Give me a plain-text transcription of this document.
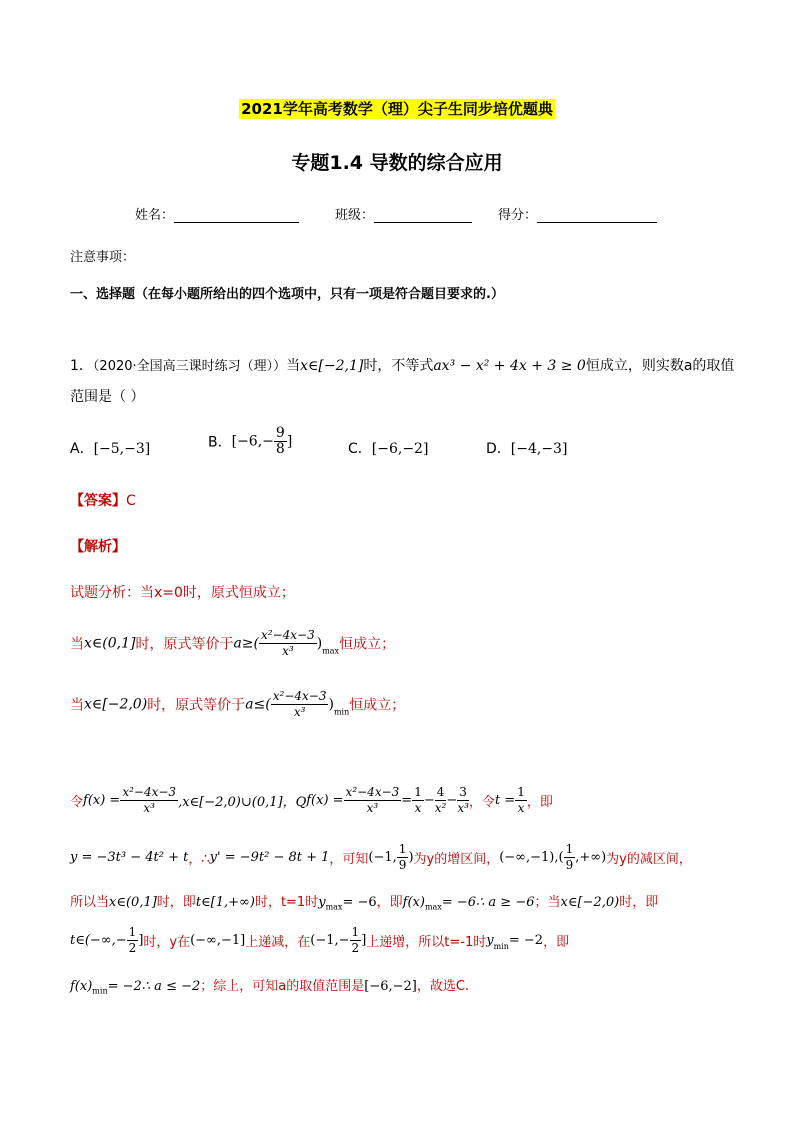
2021学年高考数学（理）尖子生同步培优题典
专题1.4 导数的综合应用
姓名：	班级：	得分：
注意事项：
一、选择题（在每小题所给出的四个选项中，只有一项是符合题目要求的.）
1．（2020·全国高三课时练习（理））当x∈[−2,1]时，不等式ax³ − x² + 4x + 3 ≥ 0恒成立，则实数a的取值
范围是（ ）
A．[−5,−3]	B．[$-6,- \frac{9}{8}$ ]	C．[−6,−2]	D．[−4,−3]
【答案】C
【解析】
试题分析：当x=0时，原式恒成立；
当x∈(0,1]时，原式等价于$a\ge( \frac{\text{x²−4x−3}}{\text{x³}} )_{max}$恒成立；
当x∈[−2,0)时，原式等价于$a\le( \frac{\text{x²−4x−3}}{\text{x³}} )_{min}$恒成立；
令$f(x) = \frac{\text{x²−4x−3}}{\text{x³}}$ ,x∈[−2,0)∪(0,1]，$Qf(x) = \frac{\text{x²−4x−3}}{\text{x³}} = \frac{1}{x} - \frac{4}{\text{x²}} - \frac{3}{\text{x³}}$ ，令$t = \frac{1}{x}$ ，即
y = −3t³ − 4t² + t，∴y' = −9t² − 8t + 1，可知(−1, $\frac{1}{9}$ )为y的增区间，$(-\infty,-1),( \frac{1}{9}$ ,+∞)为y的减区间，
所以当x∈(0,1]时，即t∈[1,+∞)时，t=1时$y_{max}= -6$，即$f(x)_{max}=$ −6∴ a ≥ −6；当x∈[−2,0)时，即
t∈(−∞,− $\frac{1}{2}$ ]时，y在(−∞,−1]上递减，在($-1,- \frac{1}{2}$ ]上递增，所以t=-1时$y_{min}= -2$，即
$f(x)_{min}=$ −2∴ a ≤ −2；综上，可知a的取值范围是[−6,−2]，故选C.
